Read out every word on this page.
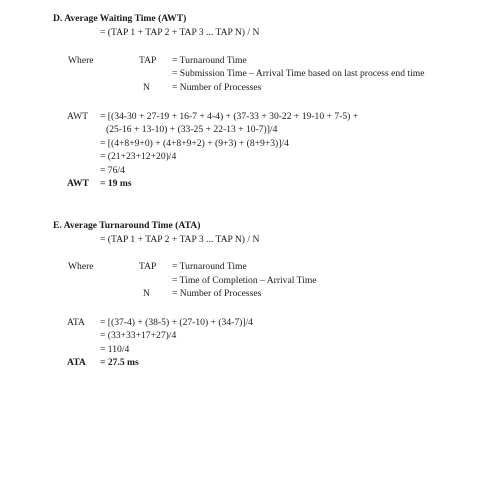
D. Average Waiting Time (AWT)
= (TAP 1 + TAP 2 + TAP 3 ... TAP N) / N
Where	TAP = Turnaround Time
= Submission Time – Arrival Time based on last process end time
N = Number of Processes
AWT = [(34-30 + 27-19 + 16-7 + 4-4) + (37-33 + 30-22 + 19-10 + 7-5) +
(25-16 + 13-10) + (33-25 + 22-13 + 10-7)]/4
= [(4+8+9+0) + (4+8+9+2) + (9+3) + (8+9+3)]/4
= (21+23+12+20)/4
= 76/4
AWT = 19 ms
E. Average Turnaround Time (ATA)
= (TAP 1 + TAP 2 + TAP 3 ... TAP N) / N
Where	TAP = Turnaround Time
= Time of Completion – Arrival Time
N = Number of Processes
ATA = [(37-4) + (38-5) + (27-10) + (34-7)]/4
= (33+33+17+27)/4
= 110/4
ATA = 27.5 ms
